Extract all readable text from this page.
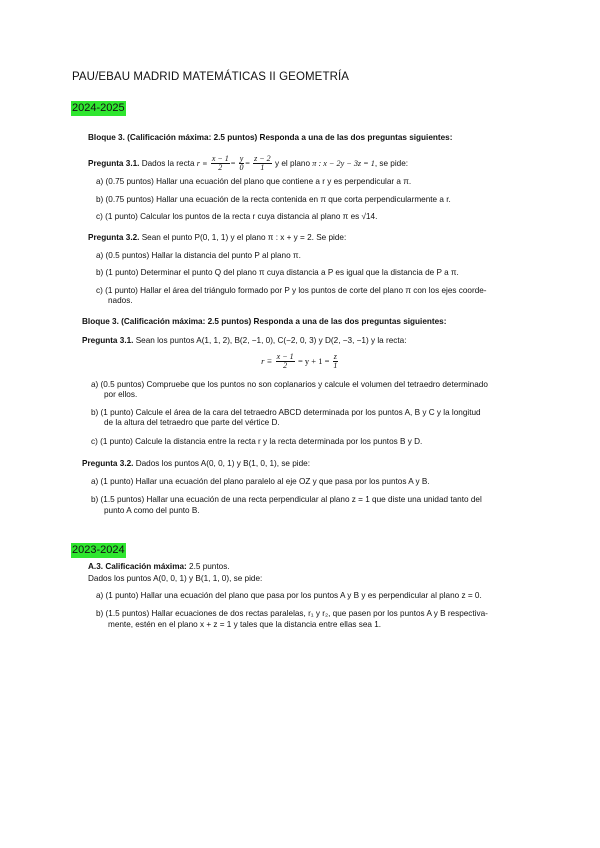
PAU/EBAU MADRID MATEMÁTICAS II GEOMETRÍA
2024-2025
Bloque 3. (Calificación máxima: 2.5 puntos) Responda a una de las dos preguntas siguientes:
Pregunta 3.1. Dados la recta $r \equiv \frac{x - 1}{2} = \frac{y}{0} = \frac{z - 2}{1}$ y el plano π : x − 2y − 3z = 1, se pide:
a) (0.75 puntos) Hallar una ecuación del plano que contiene a r y es perpendicular a π.
b) (0.75 puntos) Hallar una ecuación de la recta contenida en π que corta perpendicularmente a r.
c) (1 punto) Calcular los puntos de la recta r cuya distancia al plano π es √14.
Pregunta 3.2. Sean el punto P(0, 1, 1) y el plano π : x + y = 2. Se pide:
a) (0.5 puntos) Hallar la distancia del punto P al plano π.
b) (1 punto) Determinar el punto Q del plano π cuya distancia a P es igual que la distancia de P a π.
c) (1 punto) Hallar el área del triángulo formado por P y los puntos de corte del plano π con los ejes coorde-
nados.
Bloque 3. (Calificación máxima: 2.5 puntos) Responda a una de las dos preguntas siguientes:
Pregunta 3.1. Sean los puntos A(1, 1, 2), B(2, −1, 0), C(−2, 0, 3) y D(2, −3, −1) y la recta:
$r \equiv \frac{x - 1}{2} = y + 1 = \frac{z}{1}$
a) (0.5 puntos) Compruebe que los puntos no son coplanarios y calcule el volumen del tetraedro determinado
por ellos.
b) (1 punto) Calcule el área de la cara del tetraedro ABCD determinada por los puntos A, B y C y la longitud
de la altura del tetraedro que parte del vértice D.
c) (1 punto) Calcule la distancia entre la recta r y la recta determinada por los puntos B y D.
Pregunta 3.2. Dados los puntos A(0, 0, 1) y B(1, 0, 1), se pide:
a) (1 punto) Hallar una ecuación del plano paralelo al eje OZ y que pasa por los puntos A y B.
b) (1.5 puntos) Hallar una ecuación de una recta perpendicular al plano z = 1 que diste una unidad tanto del
punto A como del punto B.
2023-2024
A.3. Calificación máxima: 2.5 puntos.
Dados los puntos A(0, 0, 1) y B(1, 1, 0), se pide:
a) (1 punto) Hallar una ecuación del plano que pasa por los puntos A y B y es perpendicular al plano z = 0.
b) (1.5 puntos) Hallar ecuaciones de dos rectas paralelas, r₁ y r₂, que pasen por los puntos A y B respectiva-
mente, estén en el plano x + z = 1 y tales que la distancia entre ellas sea 1.
